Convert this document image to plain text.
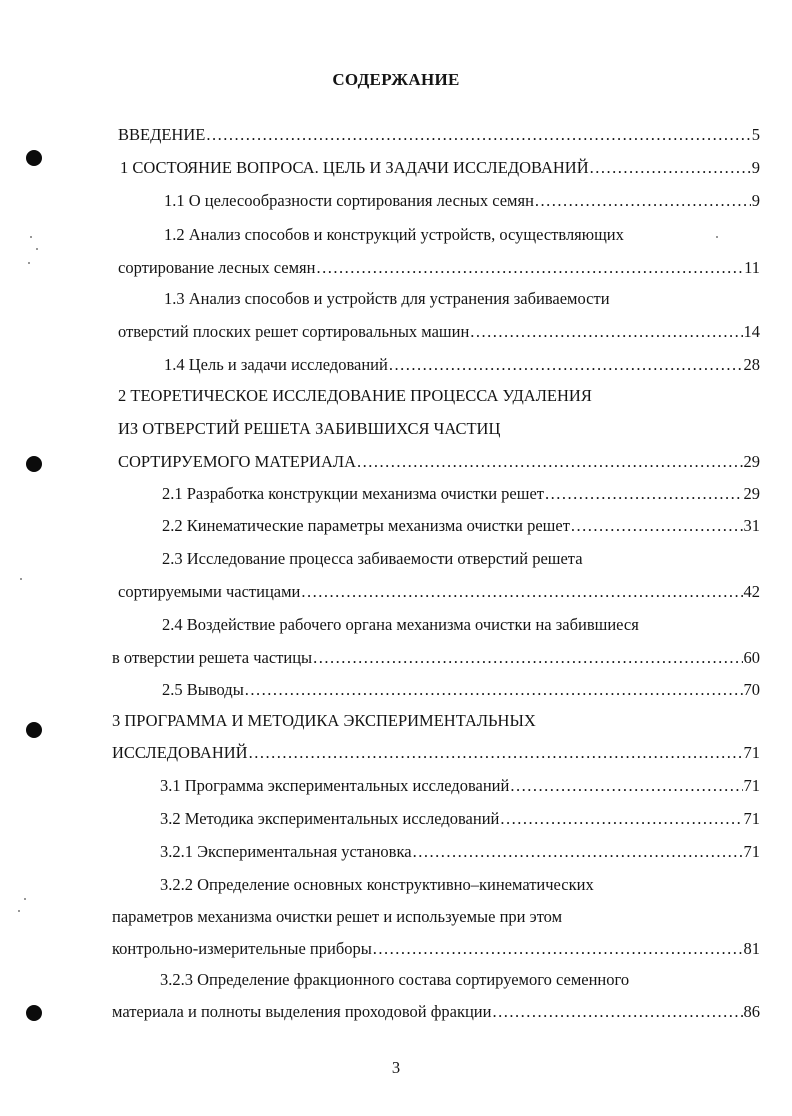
СОДЕРЖАНИЕ
ВВЕДЕНИЕ .....	5
1 СОСТОЯНИЕ ВОПРОСА. ЦЕЛЬ И ЗАДАЧИ ИССЛЕДОВАНИЙ .....	9
1.1 О целесообразности сортирования лесных семян .....	9
1.2 Анализ способов и конструкций устройств, осуществляющих
сортирование лесных семян .....	11
1.3 Анализ способов и устройств для устранения забиваемости
отверстий плоских решет сортировальных машин .....	14
1.4 Цель и задачи исследований .....	28
2 ТЕОРЕТИЧЕСКОЕ ИССЛЕДОВАНИЕ ПРОЦЕССА УДАЛЕНИЯ
ИЗ ОТВЕРСТИЙ РЕШЕТА ЗАБИВШИХСЯ ЧАСТИЦ
СОРТИРУЕМОГО МАТЕРИАЛА .....	29
2.1 Разработка конструкции механизма очистки решет .....	29
2.2 Кинематические параметры механизма очистки решет .....	31
2.3 Исследование процесса забиваемости отверстий решета
сортируемыми частицами .....	42
2.4 Воздействие рабочего органа механизма очистки на забившиеся
в отверстии решета частицы .....	60
2.5 Выводы .....	70
3 ПРОГРАММА И МЕТОДИКА ЭКСПЕРИМЕНТАЛЬНЫХ
ИССЛЕДОВАНИЙ .....	71
3.1 Программа экспериментальных исследований .....	71
3.2 Методика экспериментальных исследований .....	71
3.2.1 Экспериментальная установка .....	71
3.2.2 Определение основных конструктивно–кинематических
параметров механизма очистки решет и используемые при этом
контрольно-измерительные приборы .....	81
3.2.3 Определение фракционного состава сортируемого семенного
материала и полноты выделения проходовой фракции .....	86
3
